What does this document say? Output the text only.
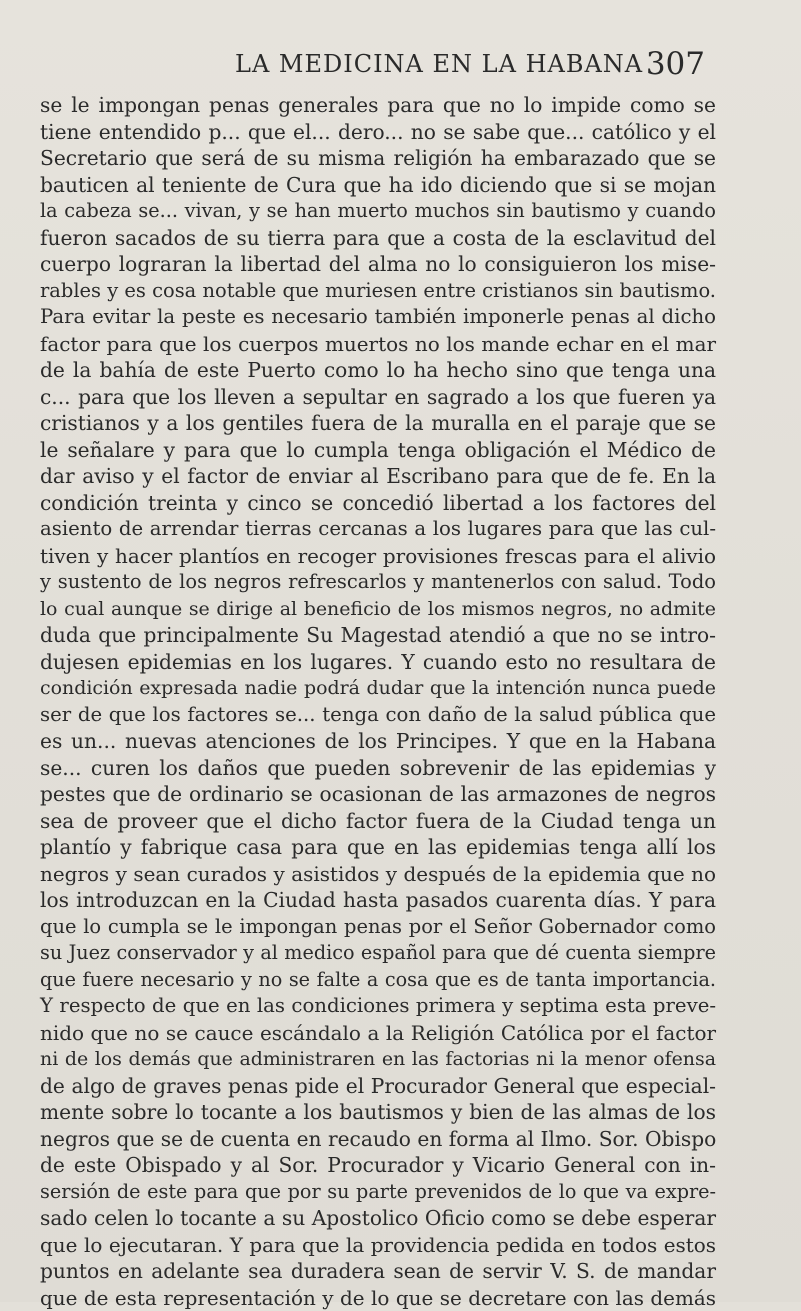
LA MEDICINA EN LA HABANA 307
se le impongan penas generales para que no lo impide como se
tiene entendido p... que el... dero... no se sabe que... católico y el
Secretario que será de su misma religión ha embarazado que se
bauticen al teniente de Cura que ha ido diciendo que si se mojan
la cabeza se... vivan, y se han muerto muchos sin bautismo y cuando
fueron sacados de su tierra para que a costa de la esclavitud del
cuerpo lograran la libertad del alma no lo consiguieron los mise-
rables y es cosa notable que muriesen entre cristianos sin bautismo.
Para evitar la peste es necesario también imponerle penas al dicho
factor para que los cuerpos muertos no los mande echar en el mar
de la bahía de este Puerto como lo ha hecho sino que tenga una
c... para que los lleven a sepultar en sagrado a los que fueren ya
cristianos y a los gentiles fuera de la muralla en el paraje que se
le señalare y para que lo cumpla tenga obligación el Médico de
dar aviso y el factor de enviar al Escribano para que de fe. En la
condición treinta y cinco se concedió libertad a los factores del
asiento de arrendar tierras cercanas a los lugares para que las cul-
tiven y hacer plantíos en recoger provisiones frescas para el alivio
y sustento de los negros refrescarlos y mantenerlos con salud. Todo
lo cual aunque se dirige al beneficio de los mismos negros, no admite
duda que principalmente Su Magestad atendió a que no se intro-
dujesen epidemias en los lugares. Y cuando esto no resultara de
condición expresada nadie podrá dudar que la intención nunca puede
ser de que los factores se... tenga con daño de la salud pública que
es un... nuevas atenciones de los Principes. Y que en la Habana
se... curen los daños que pueden sobrevenir de las epidemias y
pestes que de ordinario se ocasionan de las armazones de negros
sea de proveer que el dicho factor fuera de la Ciudad tenga un
plantío y fabrique casa para que en las epidemias tenga allí los
negros y sean curados y asistidos y después de la epidemia que no
los introduzcan en la Ciudad hasta pasados cuarenta días. Y para
que lo cumpla se le impongan penas por el Señor Gobernador como
su Juez conservador y al medico español para que dé cuenta siempre
que fuere necesario y no se falte a cosa que es de tanta importancia.
Y respecto de que en las condiciones primera y septima esta preve-
nido que no se cauce escándalo a la Religión Católica por el factor
ni de los demás que administraren en las factorias ni la menor ofensa
de algo de graves penas pide el Procurador General que especial-
mente sobre lo tocante a los bautismos y bien de las almas de los
negros que se de cuenta en recaudo en forma al Ilmo. Sor. Obispo
de este Obispado y al Sor. Procurador y Vicario General con in-
sersión de este para que por su parte prevenidos de lo que va expre-
sado celen lo tocante a su Apostolico Oficio como se debe esperar
que lo ejecutaran. Y para que la providencia pedida en todos estos
puntos en adelante sea duradera sean de servir V. S. de mandar
que de esta representación y de lo que se decretare con las demás
